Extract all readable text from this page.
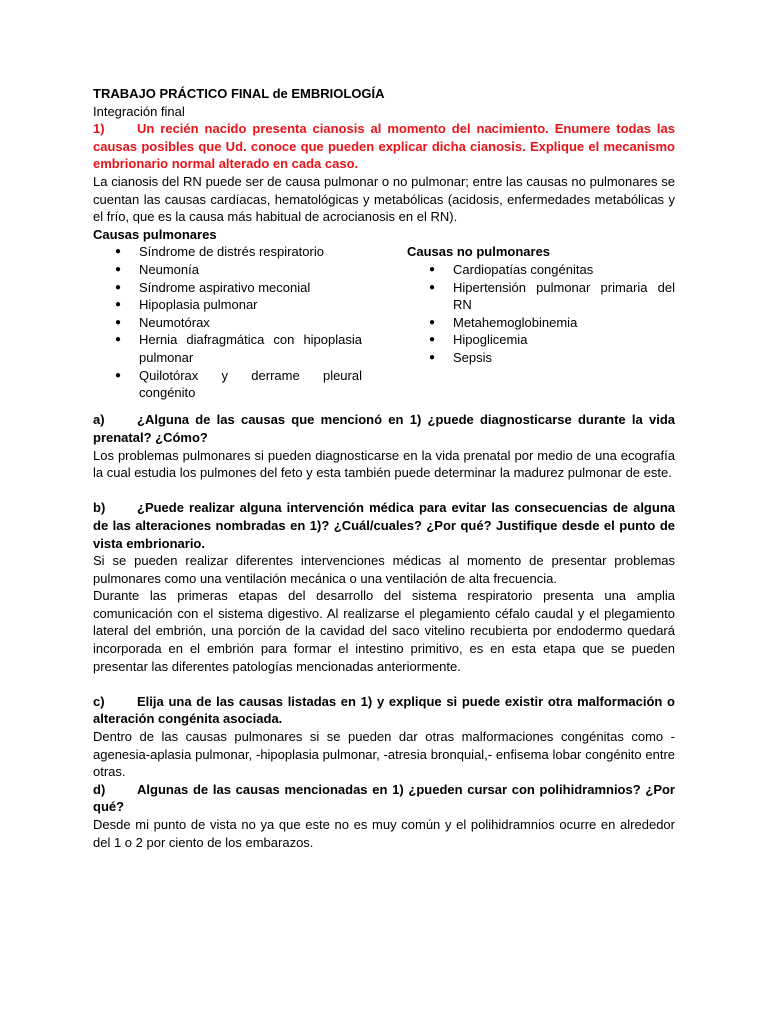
TRABAJO PRÁCTICO FINAL de EMBRIOLOGÍA

Integración final

1) Un recién nacido presenta cianosis al momento del nacimiento. Enumere todas las causas posibles que Ud. conoce que pueden explicar dicha cianosis. Explique el mecanismo embrionario normal alterado en cada caso.

La cianosis del RN puede ser de causa pulmonar o no pulmonar; entre las causas no pulmonares se cuentan las causas cardíacas, hematológicas y metabólicas (acidosis, enfermedades metabólicas y el frío, que es la causa más habitual de acrocianosis en el RN).

Causas pulmonares

● Síndrome de distrés respiratorio
● Neumonía
● Síndrome aspirativo meconial
● Hipoplasia pulmonar
● Neumotórax
● Hernia diafragmática con hipoplasia pulmonar
● Quilotórax y derrame pleural congénito

Causas no pulmonares

● Cardiopatías congénitas
● Hipertensión pulmonar primaria del RN
● Metahemoglobinemia
● Hipoglicemia
● Sepsis

a) ¿Alguna de las causas que mencionó en 1) ¿puede diagnosticarse durante la vida prenatal? ¿Cómo?

Los problemas pulmonares si pueden diagnosticarse en la vida prenatal por medio de una ecografía la cual estudia los pulmones del feto y esta también puede determinar la madurez pulmonar de este.

b) ¿Puede realizar alguna intervención médica para evitar las consecuencias de alguna de las alteraciones nombradas en 1)? ¿Cuál/cuales? ¿Por qué? Justifique desde el punto de vista embrionario.

Si se pueden realizar diferentes intervenciones médicas al momento de presentar problemas pulmonares como una ventilación mecánica o una ventilación de alta frecuencia.

Durante las primeras etapas del desarrollo del sistema respiratorio presenta una amplia comunicación con el sistema digestivo. Al realizarse el plegamiento céfalo caudal y el plegamiento lateral del embrión, una porción de la cavidad del saco vitelino recubierta por endodermo quedará incorporada en el embrión para formar el intestino primitivo, es en esta etapa que se pueden presentar las diferentes patologías mencionadas anteriormente.

c) Elija una de las causas listadas en 1) y explique si puede existir otra malformación o alteración congénita asociada.

Dentro de las causas pulmonares si se pueden dar otras malformaciones congénitas como -agenesia-aplasia pulmonar, -hipoplasia pulmonar, -atresia bronquial,- enfisema lobar congénito entre otras.

d) Algunas de las causas mencionadas en 1) ¿pueden cursar con polihidramnios? ¿Por qué?

Desde mi punto de vista no ya que este no es muy común y el polihidramnios ocurre en alrededor del 1 o 2 por ciento de los embarazos.
